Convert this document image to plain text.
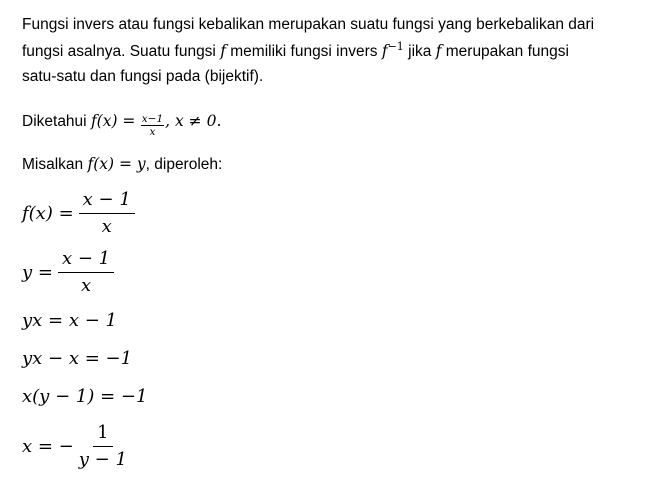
Fungsi invers atau fungsi kebalikan merupakan suatu fungsi yang berkebalikan dari

fungsi asalnya. Suatu fungsi f memiliki fungsi invers $f^{-1}$ jika f merupakan fungsi

satu-satu dan fungsi pada (bijektif).

Diketahui $f(x) = \frac{x-1}{x}$ , x ≠ 0.

Misalkan f(x) = y, diperoleh:

$f(x) = \frac{x - 1}{x}$
$y = \frac{x - 1}{x}$
yx = x − 1
yx − x = −1
x(y − 1) = −1
x = − $\frac{1}{y - 1}$
